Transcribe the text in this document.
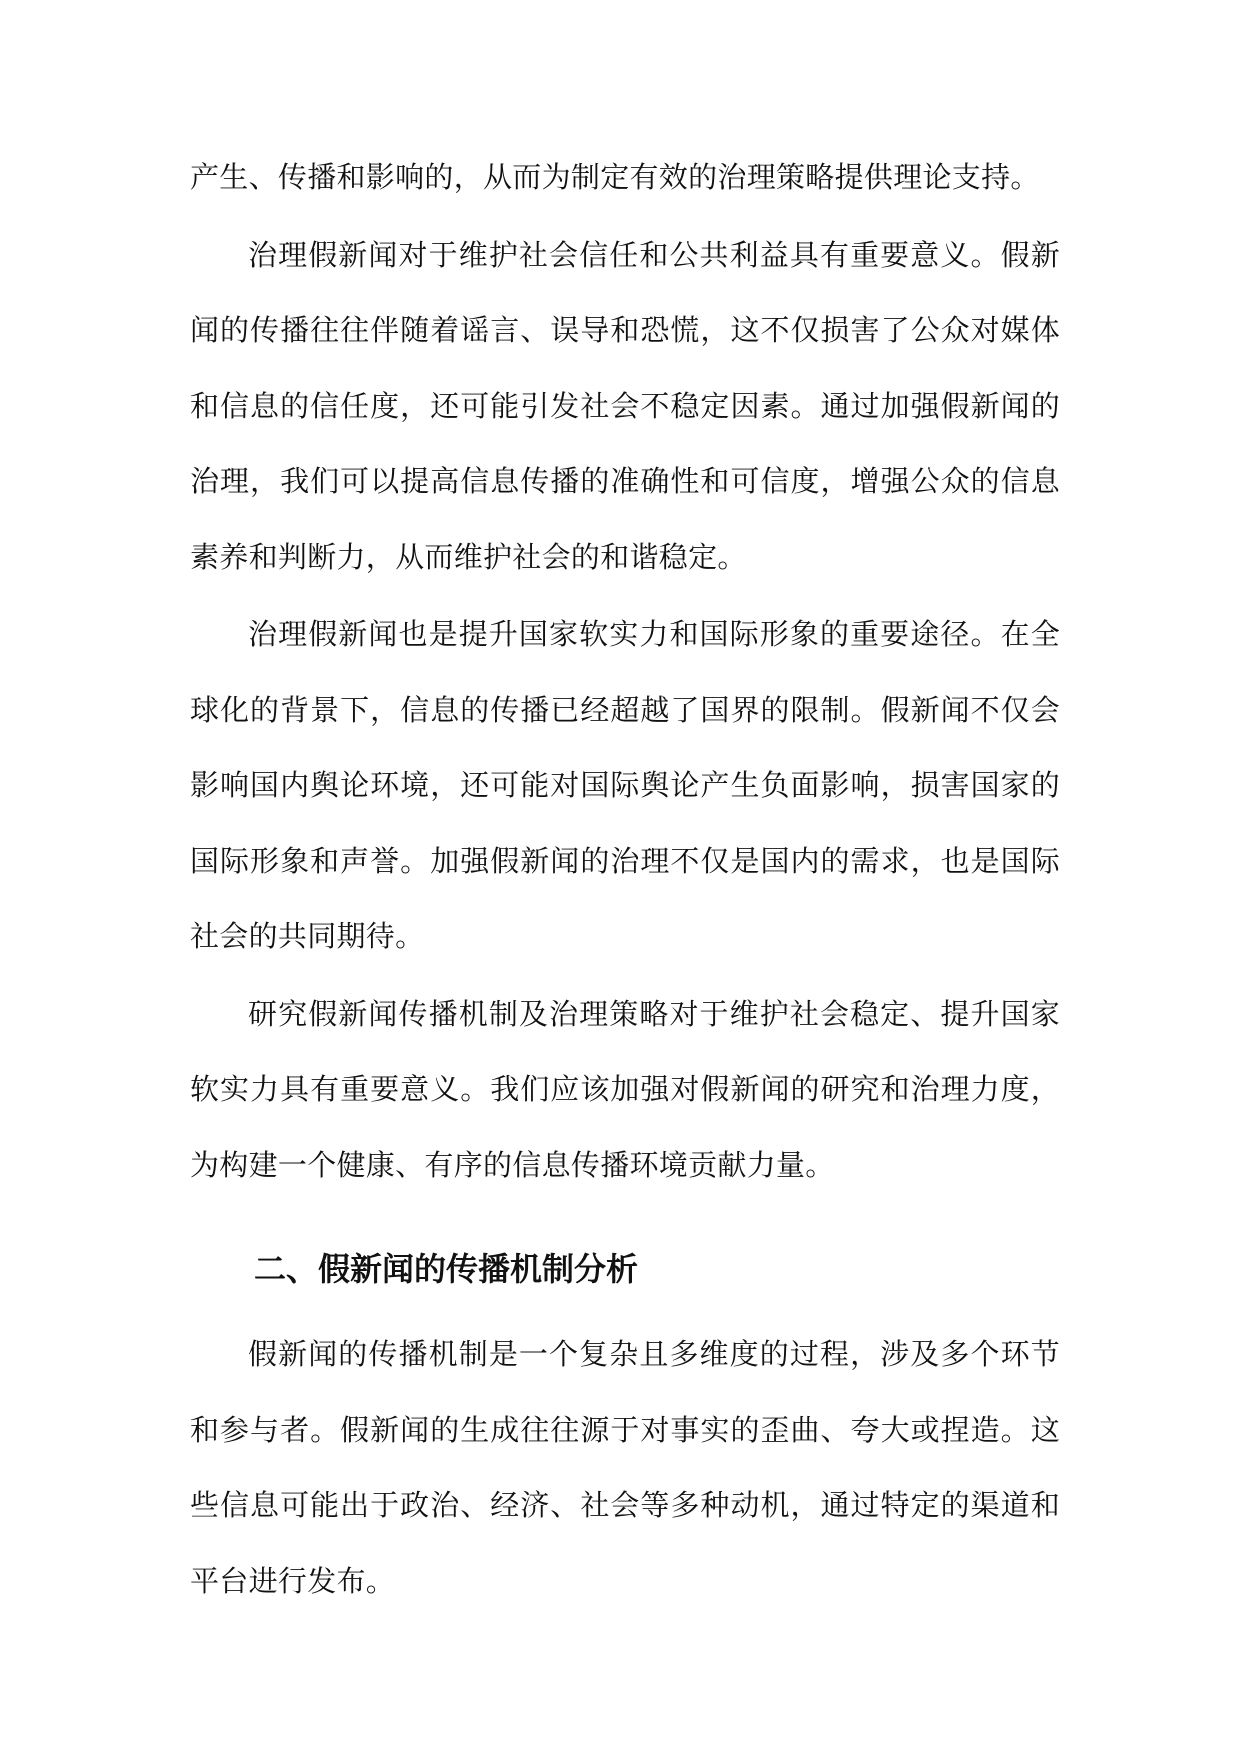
产生、传播和影响的，从而为制定有效的治理策略提供理论支持。

治理假新闻对于维护社会信任和公共利益具有重要意义。假新闻的传播往往伴随着谣言、误导和恐慌，这不仅损害了公众对媒体和信息的信任度，还可能引发社会不稳定因素。通过加强假新闻的治理，我们可以提高信息传播的准确性和可信度，增强公众的信息素养和判断力，从而维护社会的和谐稳定。

治理假新闻也是提升国家软实力和国际形象的重要途径。在全球化的背景下，信息的传播已经超越了国界的限制。假新闻不仅会影响国内舆论环境，还可能对国际舆论产生负面影响，损害国家的国际形象和声誉。加强假新闻的治理不仅是国内的需求，也是国际社会的共同期待。

研究假新闻传播机制及治理策略对于维护社会稳定、提升国家软实力具有重要意义。我们应该加强对假新闻的研究和治理力度，为构建一个健康、有序的信息传播环境贡献力量。

二、假新闻的传播机制分析

假新闻的传播机制是一个复杂且多维度的过程，涉及多个环节和参与者。假新闻的生成往往源于对事实的歪曲、夸大或捏造。这些信息可能出于政治、经济、社会等多种动机，通过特定的渠道和平台进行发布。
